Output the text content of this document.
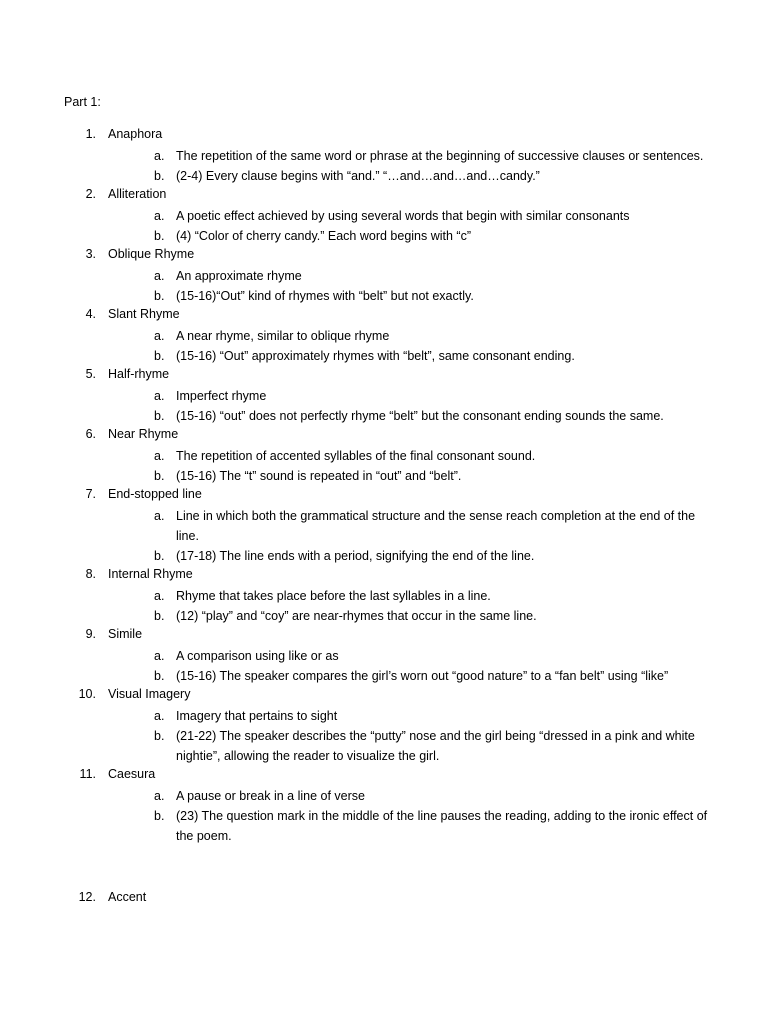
Part 1:
1. Anaphora
a. The repetition of the same word or phrase at the beginning of successive clauses or sentences.
b. (2-4) Every clause begins with “and.” “…and…and…and…candy.”
2. Alliteration
a. A poetic effect achieved by using several words that begin with similar consonants
b. (4) “Color of cherry candy.” Each word begins with “c”
3. Oblique Rhyme
a. An approximate rhyme
b. (15-16)“Out” kind of rhymes with “belt” but not exactly.
4. Slant Rhyme
a. A near rhyme, similar to oblique rhyme
b. (15-16) “Out” approximately rhymes with “belt”, same consonant ending.
5. Half-rhyme
a. Imperfect rhyme
b. (15-16) “out” does not perfectly rhyme “belt” but the consonant ending sounds the same.
6. Near Rhyme
a. The repetition of accented syllables of the final consonant sound.
b. (15-16) The “t” sound is repeated in “out” and “belt”.
7. End-stopped line
a. Line in which both the grammatical structure and the sense reach completion at the end of the line.
b. (17-18) The line ends with a period, signifying the end of the line.
8. Internal Rhyme
a. Rhyme that takes place before the last syllables in a line.
b. (12) “play” and “coy” are near-rhymes that occur in the same line.
9. Simile
a. A comparison using like or as
b. (15-16) The speaker compares the girl’s worn out “good nature” to a “fan belt” using “like”
10. Visual Imagery
a. Imagery that pertains to sight
b. (21-22) The speaker describes the “putty” nose and the girl being “dressed in a pink and white nightie”, allowing the reader to visualize the girl.
11. Caesura
a. A pause or break in a line of verse
b. (23) The question mark in the middle of the line pauses the reading, adding to the ironic effect of the poem.
12. Accent
